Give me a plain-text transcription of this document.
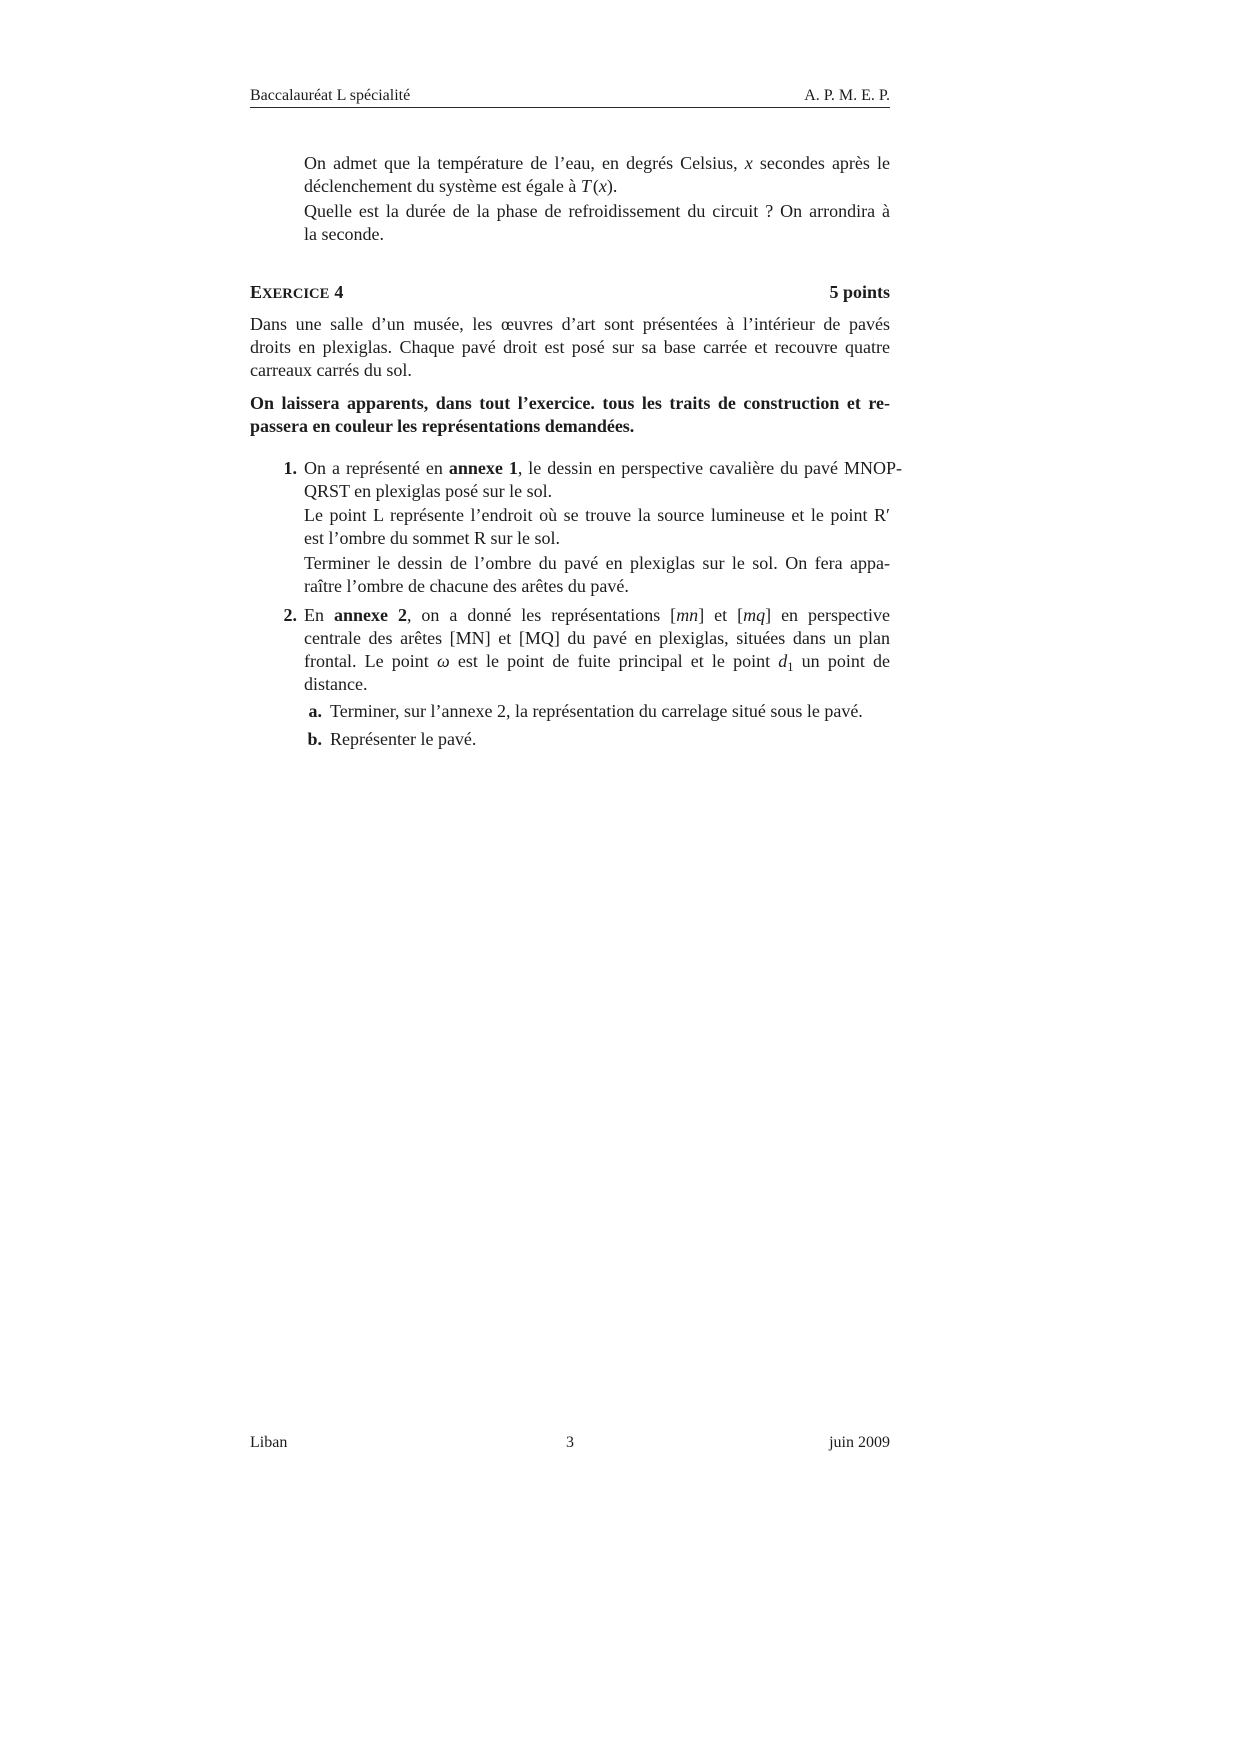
Baccalauréat L spécialité	A. P. M. E. P.
On admet que la température de l’eau, en degrés Celsius, x secondes après le
déclenchement du système est égale à T (x).
Quelle est la durée de la phase de refroidissement du circuit ? On arrondira à
la seconde.
EXERCICE 4	5 points
Dans une salle d’un musée, les œuvres d’art sont présentées à l’intérieur de pavés
droits en plexiglas. Chaque pavé droit est posé sur sa base carrée et recouvre quatre
carreaux carrés du sol.
On laissera apparents, dans tout l’exercice. tous les traits de construction et re-
passera en couleur les représentations demandées.
1. On a représenté en annexe 1, le dessin en perspective cavalière du pavé MNOP-
QRST en plexiglas posé sur le sol.
Le point L représente l’endroit où se trouve la source lumineuse et le point R′
est l’ombre du sommet R sur le sol.
Terminer le dessin de l’ombre du pavé en plexiglas sur le sol. On fera appa-
raître l’ombre de chacune des arêtes du pavé.
2. En annexe 2, on a donné les représentations [mn] et [mq] en perspective
centrale des arêtes [MN] et [MQ] du pavé en plexiglas, situées dans un plan
frontal. Le point ω est le point de fuite principal et le point $d_1$ un point de
distance.
a. Terminer, sur l’annexe 2, la représentation du carrelage situé sous le pavé.
b. Représenter le pavé.
Liban	3	juin 2009
